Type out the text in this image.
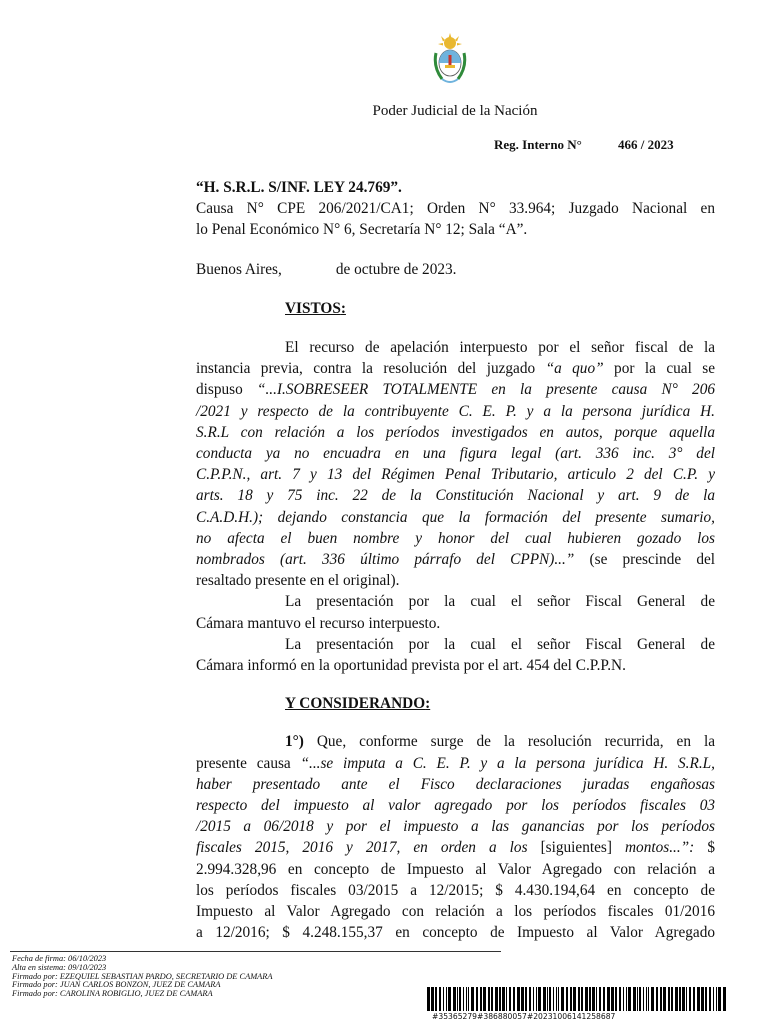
Poder Judicial de la Nación
Reg. Interno N°	466 / 2023

“H. S.R.L. S/INF. LEY 24.769”.

Causa N° CPE 206/2021/CA1; Orden N° 33.964; Juzgado Nacional en

lo Penal Económico N° 6, Secretaría N° 12; Sala “A”.

Buenos Aires,	de octubre de 2023.

VISTOS:

El recurso de apelación interpuesto por el señor fiscal de la

instancia previa, contra la resolución del juzgado “a quo” por la cual se

dispuso “...I.SOBRESEER TOTALMENTE en la presente causa N° 206

/2021 y respecto de la contribuyente C. E. P. y a la persona jurídica H.

S.R.L con relación a los períodos investigados en autos, porque aquella

conducta ya no encuadra en una figura legal (art. 336 inc. 3° del

C.P.P.N., art. 7 y 13 del Régimen Penal Tributario, articulo 2 del C.P. y

arts. 18 y 75 inc. 22 de la Constitución Nacional y art. 9 de la

C.A.D.H.); dejando constancia que la formación del presente sumario,

no afecta el buen nombre y honor del cual hubieren gozado los

nombrados (art. 336 último párrafo del CPPN)...” (se prescinde del

resaltado presente en el original).

La presentación por la cual el señor Fiscal General de

Cámara mantuvo el recurso interpuesto.

La presentación por la cual el señor Fiscal General de

Cámara informó en la oportunidad prevista por el art. 454 del C.P.P.N.

Y CONSIDERANDO:

1°) Que, conforme surge de la resolución recurrida, en la

presente causa “...se imputa a C. E. P. y a la persona jurídica H. S.R.L,

haber presentado ante el Fisco declaraciones juradas engañosas

respecto del impuesto al valor agregado por los períodos fiscales 03

/2015 a 06/2018 y por el impuesto a las ganancias por los períodos

fiscales 2015, 2016 y 2017, en orden a los [siguientes] montos...”: $

2.994.328,96 en concepto de Impuesto al Valor Agregado con relación a

los períodos fiscales 03/2015 a 12/2015; $ 4.430.194,64 en concepto de

Impuesto al Valor Agregado con relación a los períodos fiscales 01/2016

a 12/2016; $ 4.248.155,37 en concepto de Impuesto al Valor Agregado

Fecha de firma: 06/10/2023
Alta en sistema: 09/10/2023
Firmado por: EZEQUIEL SEBASTIAN PARDO, SECRETARIO DE CAMARA
Firmado por: JUAN CARLOS BONZON, JUEZ DE CAMARA
Firmado por: CAROLINA ROBIGLIO, JUEZ DE CAMARA
#35365279#386880057#20231006141258687
